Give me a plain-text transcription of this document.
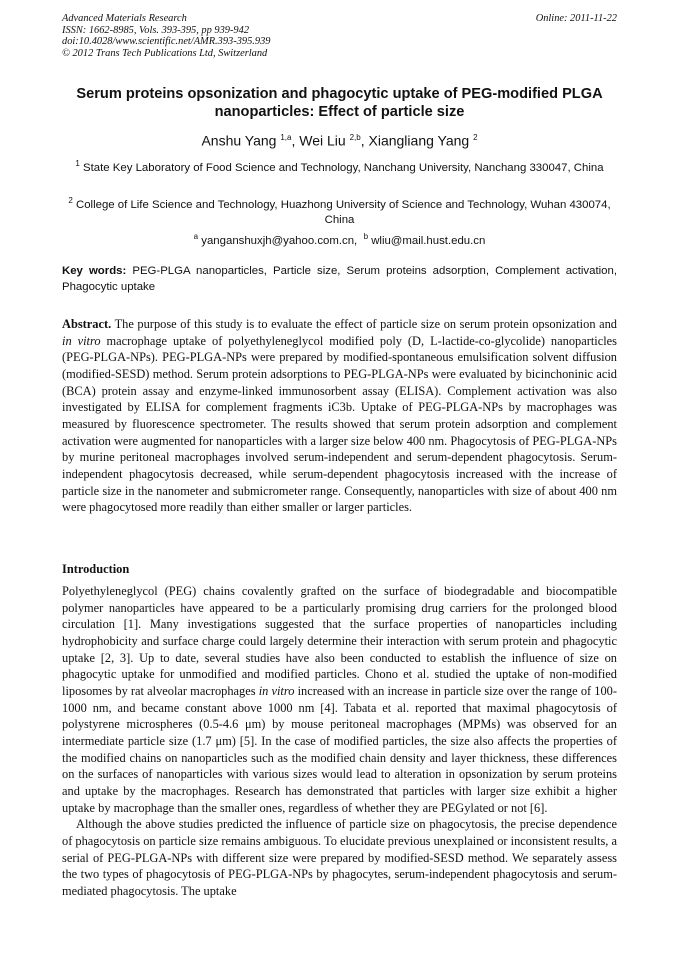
Advanced Materials Research
ISSN: 1662-8985, Vols. 393-395, pp 939-942
doi:10.4028/www.scientific.net/AMR.393-395.939
© 2012 Trans Tech Publications Ltd, Switzerland
Online: 2011-11-22
Serum proteins opsonization and phagocytic uptake of PEG-modified PLGA nanoparticles: Effect of particle size
Anshu Yang $^{1,a}$, Wei Liu $^{2,b}$, Xiangliang Yang $^2$
$^1$ State Key Laboratory of Food Science and Technology, Nanchang University, Nanchang 330047, China
$^2$ College of Life Science and Technology, Huazhong University of Science and Technology, Wuhan 430074, China
$^a$ yanganshuxjh@yahoo.com.cn, $^b$ wliu@mail.hust.edu.cn
Key words: PEG-PLGA nanoparticles, Particle size, Serum proteins adsorption, Complement activation, Phagocytic uptake
Abstract. The purpose of this study is to evaluate the effect of particle size on serum protein opsonization and in vitro macrophage uptake of polyethyleneglycol modified poly (D, L-lactide-co-glycolide) nanoparticles (PEG-PLGA-NPs). PEG-PLGA-NPs were prepared by modified-spontaneous emulsification solvent diffusion (modified-SESD) method. Serum protein adsorptions to PEG-PLGA-NPs were evaluated by bicinchoninic acid (BCA) protein assay and enzyme-linked immunosorbent assay (ELISA). Complement activation was also investigated by ELISA for complement fragments iC3b. Uptake of PEG-PLGA-NPs by macrophages was measured by fluorescence spectrometer. The results showed that serum protein adsorption and complement activation were augmented for nanoparticles with a larger size below 400 nm. Phagocytosis of PEG-PLGA-NPs by murine peritoneal macrophages involved serum-independent and serum-dependent phagocytosis. Serum-independent phagocytosis decreased, while serum-dependent phagocytosis increased with the increase of particle size in the nanometer and submicrometer range. Consequently, nanoparticles with size of about 400 nm were phagocytosed more readily than either smaller or larger particles.
Introduction

Polyethyleneglycol (PEG) chains covalently grafted on the surface of biodegradable and biocompatible polymer nanoparticles have appeared to be a particularly promising drug carriers for the prolonged blood circulation [1]. Many investigations suggested that the surface properties of nanoparticles including hydrophobicity and surface charge could largely determine their interaction with serum protein and phagocytic uptake [2, 3]. Up to date, several studies have also been conducted to establish the influence of size on phagocytic uptake for unmodified and modified particles. Chono et al. studied the uptake of non-modified liposomes by rat alveolar macrophages in vitro increased with an increase in particle size over the range of 100-1000 nm, and became constant above 1000 nm [4]. Tabata et al. reported that maximal phagocytosis of polystyrene microspheres (0.5-4.6 μm) by mouse peritoneal macrophages (MPMs) was observed for an intermediate particle size (1.7 μm) [5]. In the case of modified particles, the size also affects the properties of the modified chains on nanoparticles such as the modified chain density and layer thickness, these differences on the surfaces of nanoparticles with various sizes would lead to alteration in opsonization by serum proteins and uptake by the macrophages. Research has demonstrated that particles with larger size exhibit a higher uptake by macrophage than the smaller ones, regardless of whether they are PEGylated or not [6].

Although the above studies predicted the influence of particle size on phagocytosis, the precise dependence of phagocytosis on particle size remains ambiguous. To elucidate previous unexplained or inconsistent results, a serial of PEG-PLGA-NPs with different size were prepared by modified-SESD method. We separately assess the two types of phagocytosis of PEG-PLGA-NPs by phagocytes, serum-independent phagocytosis and serum-mediated phagocytosis. The uptake
